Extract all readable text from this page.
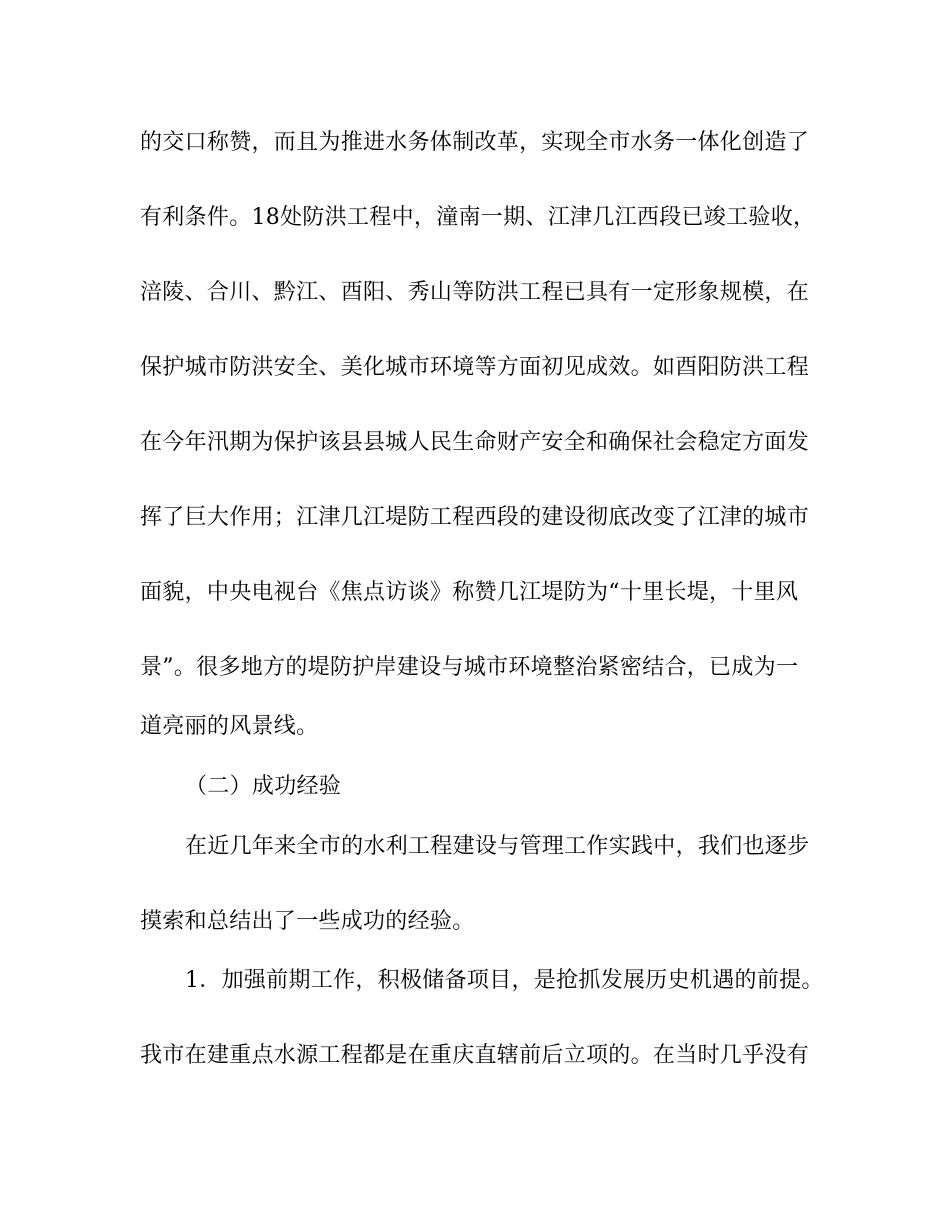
的交口称赞，而且为推进水务体制改革，实现全市水务一体化创造了
有利条件。18处防洪工程中，潼南一期、江津几江西段已竣工验收，
涪陵、合川、黔江、酉阳、秀山等防洪工程已具有一定形象规模，在
保护城市防洪安全、美化城市环境等方面初见成效。如酉阳防洪工程
在今年汛期为保护该县县城人民生命财产安全和确保社会稳定方面发
挥了巨大作用；江津几江堤防工程西段的建设彻底改变了江津的城市
面貌，中央电视台《焦点访谈》称赞几江堤防为“十里长堤，十里风
景”。很多地方的堤防护岸建设与城市环境整治紧密结合，已成为一
道亮丽的风景线。
（二）成功经验
在近几年来全市的水利工程建设与管理工作实践中，我们也逐步
摸索和总结出了一些成功的经验。
1．加强前期工作，积极储备项目，是抢抓发展历史机遇的前提。
我市在建重点水源工程都是在重庆直辖前后立项的。在当时几乎没有
